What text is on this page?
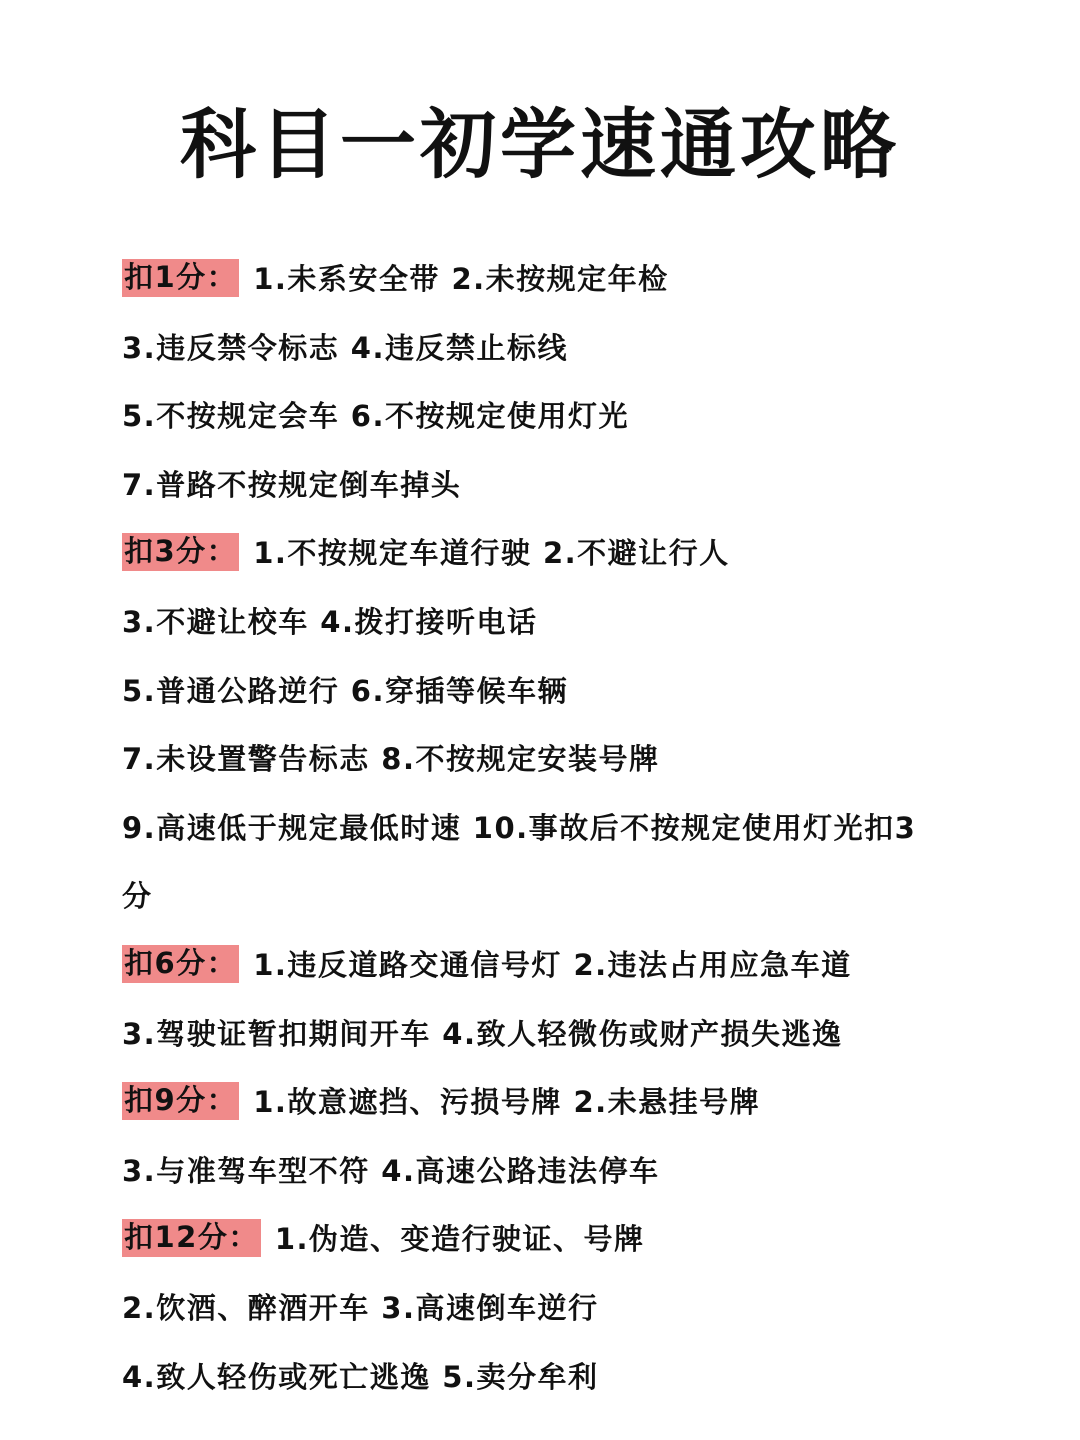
科目一初学速通攻略
扣1分： 1.未系安全带 2.未按规定年检
3.违反禁令标志 4.违反禁止标线
5.不按规定会车 6.不按规定使用灯光
7.普路不按规定倒车掉头
扣3分： 1.不按规定车道行驶 2.不避让行人
3.不避让校车 4.拨打接听电话
5.普通公路逆行 6.穿插等候车辆
7.未设置警告标志 8.不按规定安装号牌
9.高速低于规定最低时速 10.事故后不按规定使用灯光扣3
分
扣6分： 1.违反道路交通信号灯 2.违法占用应急车道
3.驾驶证暂扣期间开车 4.致人轻微伤或财产损失逃逸
扣9分： 1.故意遮挡、污损号牌 2.未悬挂号牌
3.与准驾车型不符 4.高速公路违法停车
扣12分： 1.伪造、变造行驶证、号牌
2.饮酒、醉酒开车 3.高速倒车逆行
4.致人轻伤或死亡逃逸 5.卖分牟利
